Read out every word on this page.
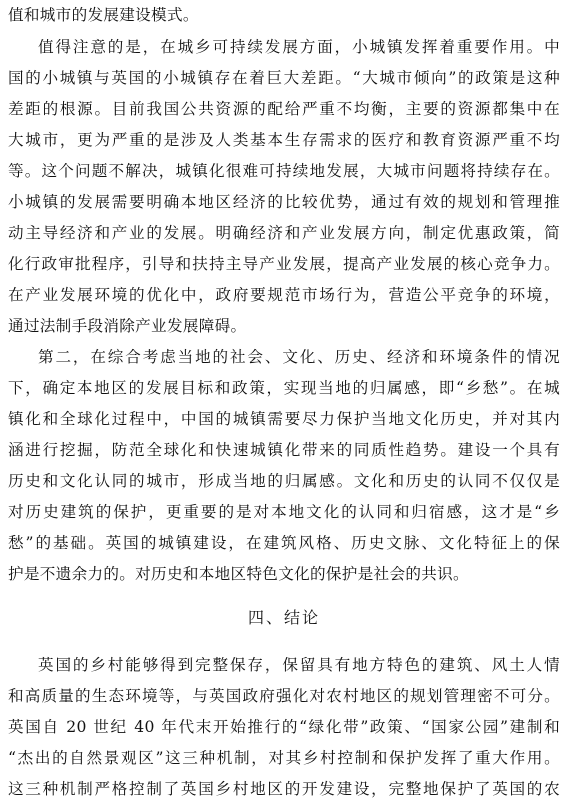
值和城市的发展建设模式。
值得注意的是，在城乡可持续发展方面，小城镇发挥着重要作用。中
国的小城镇与英国的小城镇存在着巨大差距。“大城市倾向”的政策是这种
差距的根源。目前我国公共资源的配给严重不均衡，主要的资源都集中在
大城市，更为严重的是涉及人类基本生存需求的医疗和教育资源严重不均
等。这个问题不解决，城镇化很难可持续地发展，大城市问题将持续存在。
小城镇的发展需要明确本地区经济的比较优势，通过有效的规划和管理推
动主导经济和产业的发展。明确经济和产业发展方向，制定优惠政策，简
化行政审批程序，引导和扶持主导产业发展，提高产业发展的核心竞争力。
在产业发展环境的优化中，政府要规范市场行为，营造公平竞争的环境，
通过法制手段消除产业发展障碍。
第二，在综合考虑当地的社会、文化、历史、经济和环境条件的情况
下，确定本地区的发展目标和政策，实现当地的归属感，即“乡愁”。在城
镇化和全球化过程中，中国的城镇需要尽力保护当地文化历史，并对其内
涵进行挖掘，防范全球化和快速城镇化带来的同质性趋势。建设一个具有
历史和文化认同的城市，形成当地的归属感。文化和历史的认同不仅仅是
对历史建筑的保护，更重要的是对本地文化的认同和归宿感，这才是“乡
愁”的基础。英国的城镇建设，在建筑风格、历史文脉、文化特征上的保
护是不遗余力的。对历史和本地区特色文化的保护是社会的共识。
四、结论
英国的乡村能够得到完整保存，保留具有地方特色的建筑、风土人情
和高质量的生态环境等，与英国政府强化对农村地区的规划管理密不可分。
英国自 20 世纪 40 年代末开始推行的“绿化带”政策、“国家公园”建制和
“杰出的自然景观区”这三种机制，对其乡村控制和保护发挥了重大作用。
这三种机制严格控制了英国乡村地区的开发建设，完整地保护了英国的农
